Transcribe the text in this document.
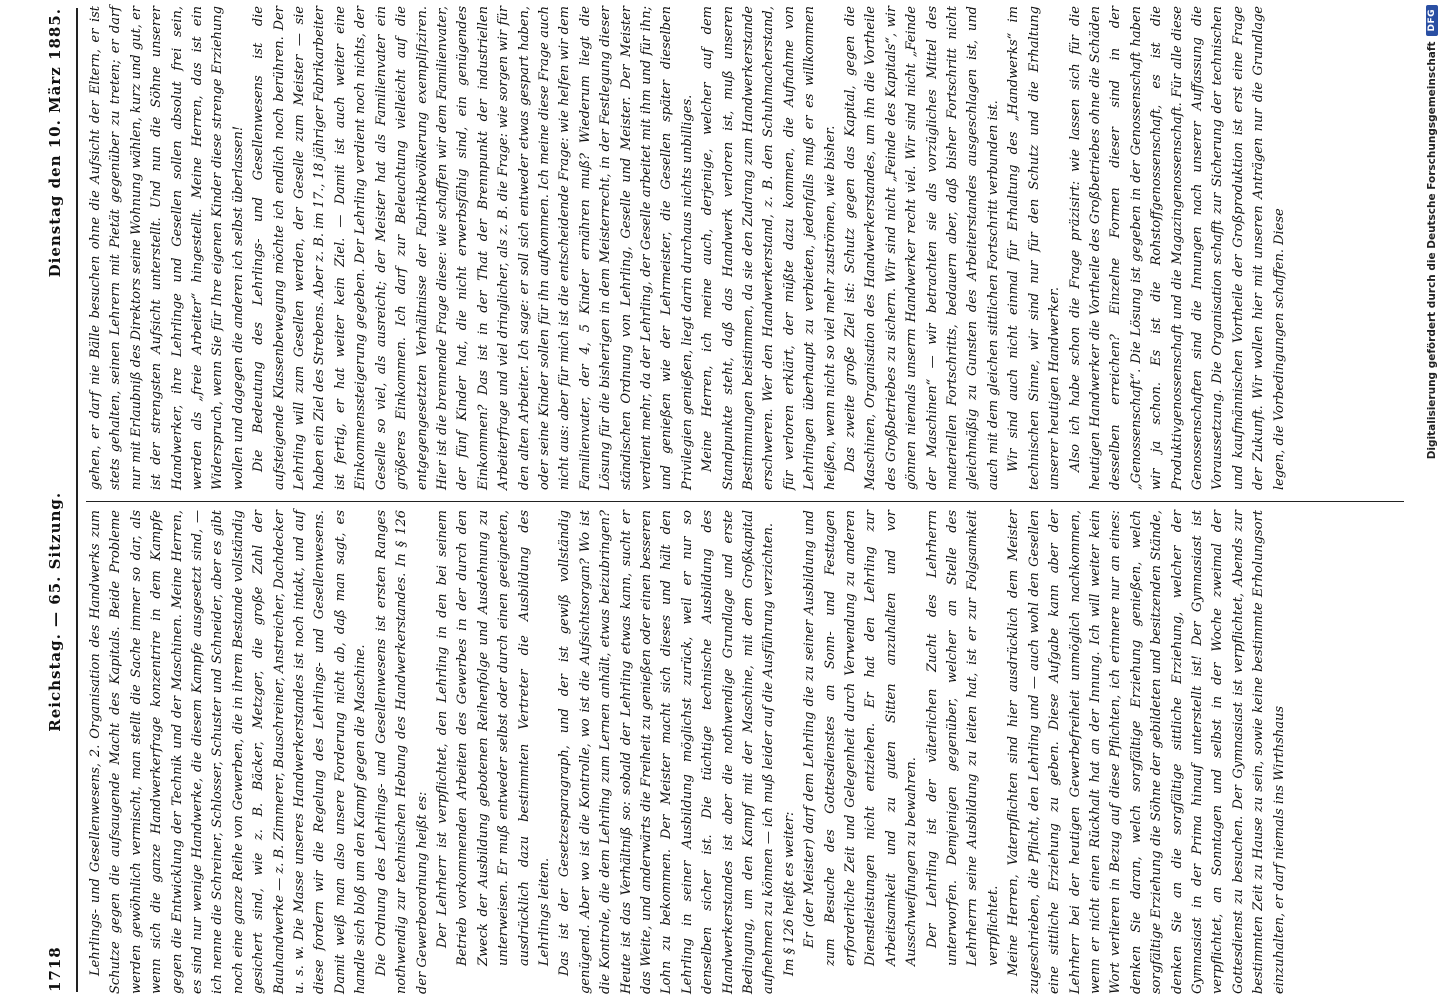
1718
Reichstag. — 65. Sitzung.
Dienstag den 10. März 1885.

Lehrlings- und Gesellenwesens, 2. Organisation des Handwerks zum Schutze gegen die aufsaugende Macht des Kapitals. Beide Probleme werden gewöhnlich vermischt, man stellt die Sache immer so dar, als wenn sich die ganze Handwerkerfrage konzentrire in dem Kampfe gegen die Entwicklung der Technik und der Maschinen. Meine Herren, es sind nur wenige Handwerke, die diesem Kampfe ausgesetzt sind, — ich nenne die Schreiner, Schlosser, Schuster und Schneider, aber es gibt noch eine ganze Reihe von Gewerben, die in ihrem Bestande vollständig gesichert sind, wie z. B. Bäcker, Metzger, die große Zahl der Bauhandwerke — z. B. Zimmerer, Bauschreiner, Anstreicher, Dachdecker u. s. w. Die Masse unseres Handwerkerstandes ist noch intakt, und auf diese fordern wir die Regelung des Lehrlings- und Gesellenwesens. Damit weiß man also unsere Forderung nicht ab, daß man sagt, es handle sich bloß um den Kampf gegen die Maschine. Die Ordnung des Lehrlings- und Gesellenwesens ist ersten Ranges nothwendig zur technischen Hebung des Handwerkerstandes. In § 126 der Gewerbeordnung heißt es: Der Lehrherr ist verpflichtet, den Lehrling in den bei seinem Betrieb vorkommenden Arbeiten des Gewerbes in der durch den Zweck der Ausbildung gebotenen Reihenfolge und Ausdehnung zu unterweisen. Er muß entweder selbst oder durch einen geeigneten, ausdrücklich dazu bestimmten Vertreter die Ausbildung des Lehrlings leiten. Das ist der Gesetzesparagraph, und der ist gewiß vollständig genügend. Aber wo ist die Kontrolle, wo ist die Aufsichtsorgan? Wo ist die Kontrole, die dem Lehrling zum Lernen anhält, etwas beizubringen? Heute ist das Verhältniß so: sobald der Lehrling etwas kann, sucht er das Weite, und anderwärts die Freiheit zu genießen oder einen besseren Lohn zu bekommen. Der Meister macht sich dieses und hält den Lehrling in seiner Ausbildung möglichst zurück, weil er nur so denselben sicher ist. Die tüchtige technische Ausbildung des Handwerkerstandes ist aber die nothwendige Grundlage und erste Bedingung, um den Kampf mit der Maschine, mit dem Großkapital aufnehmen zu können — ich muß leider auf die Ausführung verzichten. Im § 126 heißt es weiter: Er (der Meister) darf dem Lehrling die zu seiner Ausbildung und zum Besuche des Gottesdienstes an Sonn- und Festtagen erforderliche Zeit und Gelegenheit durch Verwendung zu anderen Dienstleistungen nicht entziehen. Er hat den Lehrling zur Arbeitsamkeit und zu guten Sitten anzuhalten und vor Ausschweifungen zu bewahren. Der Lehrling ist der väterlichen Zucht des Lehrherrn unterworfen. Demjenigen gegenüber, welcher an Stelle des Lehrherrn seine Ausbildung zu leiten hat, ist er zur Folgsamkeit verpflichtet. Meine Herren, Vaterpflichten sind hier ausdrücklich dem Meister zugeschrieben, die Pflicht, den Lehrling und — auch wohl den Gesellen eine sittliche Erziehung zu geben. Diese Aufgabe kann aber der Lehrherr bei der heutigen Gewerbefreiheit unmöglich nachkommen, wenn er nicht einen Rückhalt hat an der Innung. Ich will weiter kein Wort verlieren in Bezug auf diese Pflichten, ich erinnere nur an eines: denken Sie daran, welch sorgfältige Erziehung genießen, welch sorgfältige Erziehung die Söhne der gebildeten und besitzenden Stände, denken Sie an die sorgfältige sittliche Erziehung, welcher der Gymnasiast in der Prima hinauf unterstellt ist! Der Gymnasiast ist verpflichtet, an Sonntagen und selbst in der Woche zweimal der Gottesdienst zu besuchen. Der Gymnasiast ist verpflichtet, Abends zur bestimmten Zeit zu Hause zu sein, sowie keine bestimmte Erholungsort einzuhalten, er darf niemals ins Wirthshaus

gehen, er darf nie Bälle besuchen ohne die Aufsicht der Eltern, er ist stets gehalten, seinen Lehrern mit Pietät gegenüber zu treten; er darf nur mit Erlaubniß des Direktors seine Wohnung wählen, kurz und gut, er ist der strengsten Aufsicht unterstellt. Und nun die Söhne unserer Handwerker, ihre Lehrlinge und Gesellen sollen absolut frei sein, werden als „freie Arbeiter“ hingestellt. Meine Herren, das ist ein Widerspruch, wenn Sie für Ihre eigenen Kinder diese strenge Erziehung wollen und dagegen die anderen ich selbst überlassen! Die Bedeutung des Lehrlings- und Gesellenwesens ist die aufsteigende Klassenbewegung möchte ich endlich noch berühren. Der Lehrling will zum Gesellen werden, der Geselle zum Meister — sie haben ein Ziel des Strebens. Aber z. B. im 17., 18 jähriger Fabrikarbeiter ist fertig, er hat weiter kein Ziel. — Damit ist auch weiter eine Einkommenssteigerung gegeben. Der Lehrling verdient noch nichts, der Geselle so viel, als ausreicht; der Meister hat als Familienvater ein größeres Einkommen. Ich darf zur Beleuchtung vielleicht auf die entgegengesetzten Verhältnisse der Fabrikbevölkerung exemplifiziren. Hier ist die brennende Frage diese: wie schaffen wir dem Familienvater, der fünf Kinder hat, die nicht erwerbsfähig sind, ein genügendes Einkommen? Das ist in der That der Brennpunkt der industriellen Arbeiterfrage und viel dringlicher, als z. B. die Frage: wie sorgen wir für den alten Arbeiter. Ich sage: er soll sich entweder etwas gespart haben, oder seine Kinder sollen für ihn aufkommen. Ich meine diese Frage auch nicht aus: aber für mich ist die entscheidende Frage: wie helfen wir dem Familienvater, der 4, 5 Kinder ernähren muß? Wiederum liegt die Lösung für die bisherigen in dem Meisterrecht, in der Festlegung dieser ständischen Ordnung von Lehrling, Geselle und Meister. Der Meister verdient mehr, da der Lehrling, der Geselle arbeitet mit ihm und für ihn; und genießen wie der Lehrmeister, die Gesellen später dieselben Privilegien genießen, liegt darin durchaus nichts unbilliges. Meine Herren, ich meine auch, derjenige, welcher auf dem Standpunkte steht, daß das Handwerk verloren ist, muß unseren Bestimmungen beistimmen, da sie den Zudrang zum Handwerkerstande erschweren. Wer den Handwerkerstand, z. B. den Schuhmacherstand, für verloren erklärt, der müßte dazu kommen, die Aufnahme von Lehrlingen überhaupt zu verbieten, jedenfalls muß er es willkommen heißen, wenn nicht so viel mehr zuströmen, wie bisher. Das zweite große Ziel ist: Schutz gegen das Kapital, gegen die Maschinen, Organisation des Handwerkerstandes, um ihn die Vortheile des Großbetriebes zu sichern. Wir sind nicht „Feinde des Kapitals“, wir gönnen niemals unserm Handwerker recht viel. Wir sind nicht „Feinde der Maschinen“ — wir betrachten sie als vorzügliches Mittel des materiellen Fortschritts, bedauern aber, daß bisher Fortschritt nicht gleichmäßig zu Gunsten des Arbeiterstandes ausgeschlagen ist, und auch mit dem gleichen sittlichen Fortschritt verbunden ist. Wir sind auch nicht einmal für Erhaltung des „Handwerks“ im technischen Sinne, wir sind nur für den Schutz und die Erhaltung unserer heutigen Handwerker. Also ich habe schon die Frage präzisirt: wie lassen sich für die heutigen Handwerker die Vortheile des Großbetriebes ohne die Schäden desselben erreichen? Einzelne Formen dieser sind in der „Genossenschaft“. Die Lösung ist gegeben in der Genossenschaft haben wir ja schon. Es ist die Rohstoffgenossenschaft, es ist die Produktivgenossenschaft und die Magazingenossenschaft. Für alle diese Genossenschaften sind die Innungen nach unserer Auffassung die Voraussetzung. Die Organisation schafft zur Sicherung der technischen und kaufmännischen Vortheile der Großproduktion ist erst eine Frage der Zukunft. Wir wollen hier mit unseren Anträgen nur die Grundlage legen, die Vorbedingungen schaffen. Diese	Digitalisierung gefördert durch die Deutsche Forschungsgemeinschaft
DFG
